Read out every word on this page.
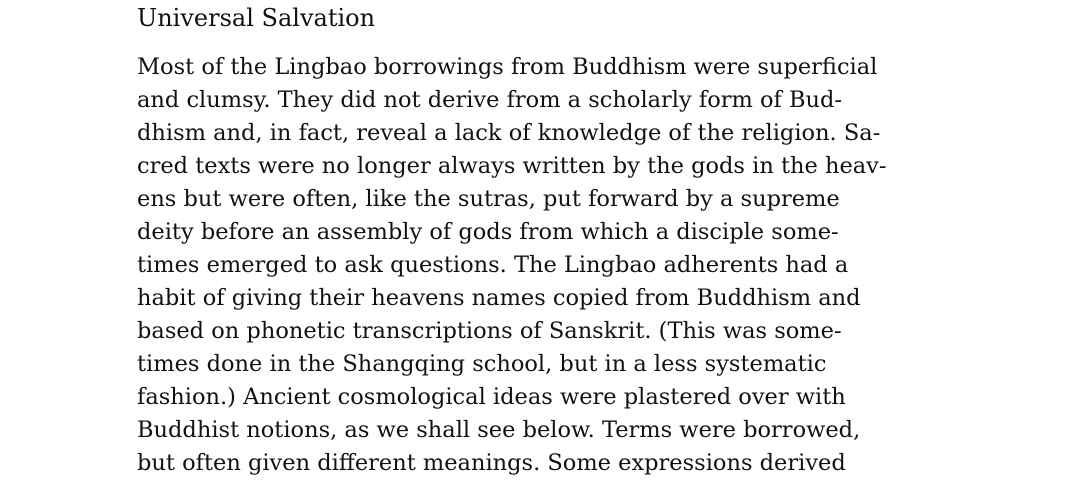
Universal Salvation
Most of the Lingbao borrowings from Buddhism were superficial
and clumsy. They did not derive from a scholarly form of Bud-
dhism and, in fact, reveal a lack of knowledge of the religion. Sa-
cred texts were no longer always written by the gods in the heav-
ens but were often, like the sutras, put forward by a supreme
deity before an assembly of gods from which a disciple some-
times emerged to ask questions. The Lingbao adherents had a
habit of giving their heavens names copied from Buddhism and
based on phonetic transcriptions of Sanskrit. (This was some-
times done in the Shangqing school, but in a less systematic
fashion.) Ancient cosmological ideas were plastered over with
Buddhist notions, as we shall see below. Terms were borrowed,
but often given different meanings. Some expressions derived
